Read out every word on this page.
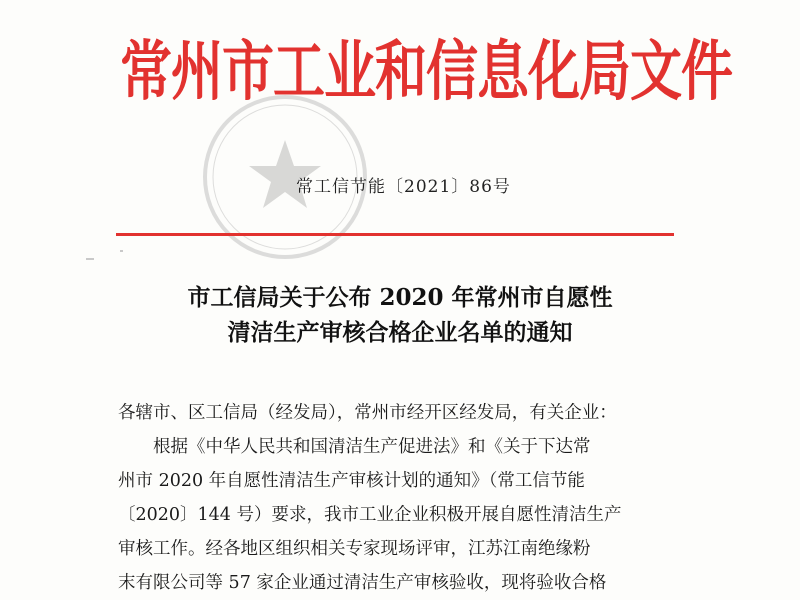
常州市工业和信息化局文件
常工信节能〔2021〕86号
市工信局关于公布 2020 年常州市自愿性
清洁生产审核合格企业名单的通知
各辖市、区工信局（经发局），常州市经开区经发局，有关企业：
根据《中华人民共和国清洁生产促进法》和《关于下达常
州市 2020 年自愿性清洁生产审核计划的通知》（常工信节能
〔2020〕144 号）要求，我市工业企业积极开展自愿性清洁生产
审核工作。经各地区组织相关专家现场评审，江苏江南绝缘粉
末有限公司等 57 家企业通过清洁生产审核验收，现将验收合格
